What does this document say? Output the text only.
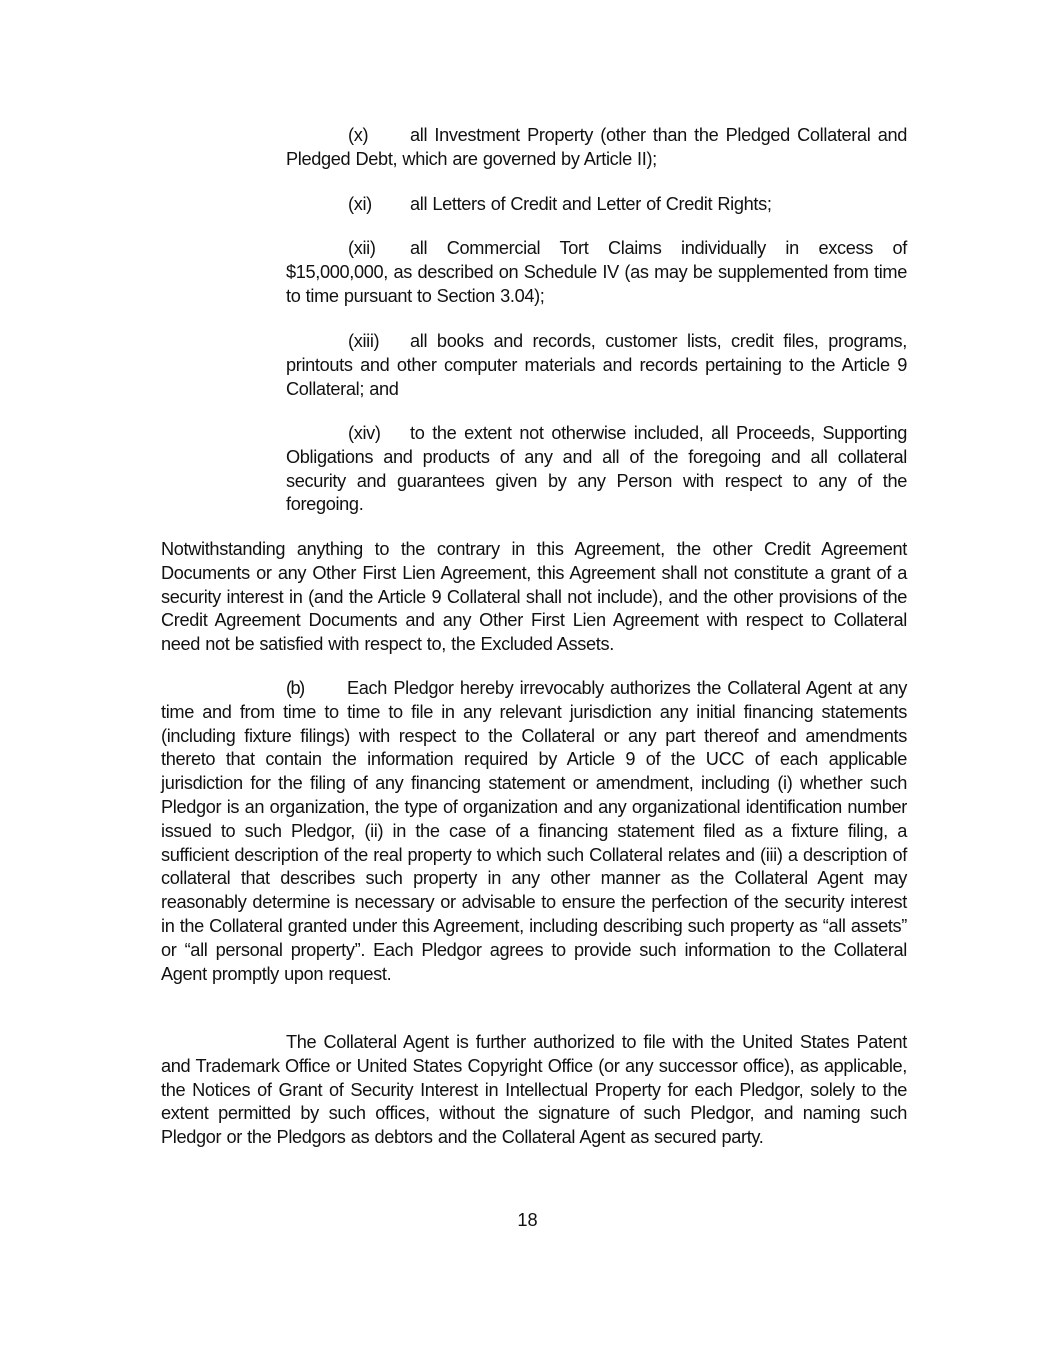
(x) all Investment Property (other than the Pledged Collateral and Pledged Debt, which are governed by Article II);

(xi) all Letters of Credit and Letter of Credit Rights;

(xii) all Commercial Tort Claims individually in excess of $15,000,000, as described on Schedule IV (as may be supplemented from time to time pursuant to Section 3.04);

(xiii) all books and records, customer lists, credit files, programs, printouts and other computer materials and records pertaining to the Article 9 Collateral; and

(xiv) to the extent not otherwise included, all Proceeds, Supporting Obligations and products of any and all of the foregoing and all collateral security and guarantees given by any Person with respect to any of the foregoing.

Notwithstanding anything to the contrary in this Agreement, the other Credit Agreement Documents or any Other First Lien Agreement, this Agreement shall not constitute a grant of a security interest in (and the Article 9 Collateral shall not include), and the other provisions of the Credit Agreement Documents and any Other First Lien Agreement with respect to Collateral need not be satisfied with respect to, the Excluded Assets.

(b) Each Pledgor hereby irrevocably authorizes the Collateral Agent at any time and from time to time to file in any relevant jurisdiction any initial financing statements (including fixture filings) with respect to the Collateral or any part thereof and amendments thereto that contain the information required by Article 9 of the UCC of each applicable jurisdiction for the filing of any financing statement or amendment, including (i) whether such Pledgor is an organization, the type of organization and any organizational identification number issued to such Pledgor, (ii) in the case of a financing statement filed as a fixture filing, a sufficient description of the real property to which such Collateral relates and (iii) a description of collateral that describes such property in any other manner as the Collateral Agent may reasonably determine is necessary or advisable to ensure the perfection of the security interest in the Collateral granted under this Agreement, including describing such property as “all assets” or “all personal property”. Each Pledgor agrees to provide such information to the Collateral Agent promptly upon request.

The Collateral Agent is further authorized to file with the United States Patent and Trademark Office or United States Copyright Office (or any successor office), as applicable, the Notices of Grant of Security Interest in Intellectual Property for each Pledgor, solely to the extent permitted by such offices, without the signature of such Pledgor, and naming such Pledgor or the Pledgors as debtors and the Collateral Agent as secured party.

18
